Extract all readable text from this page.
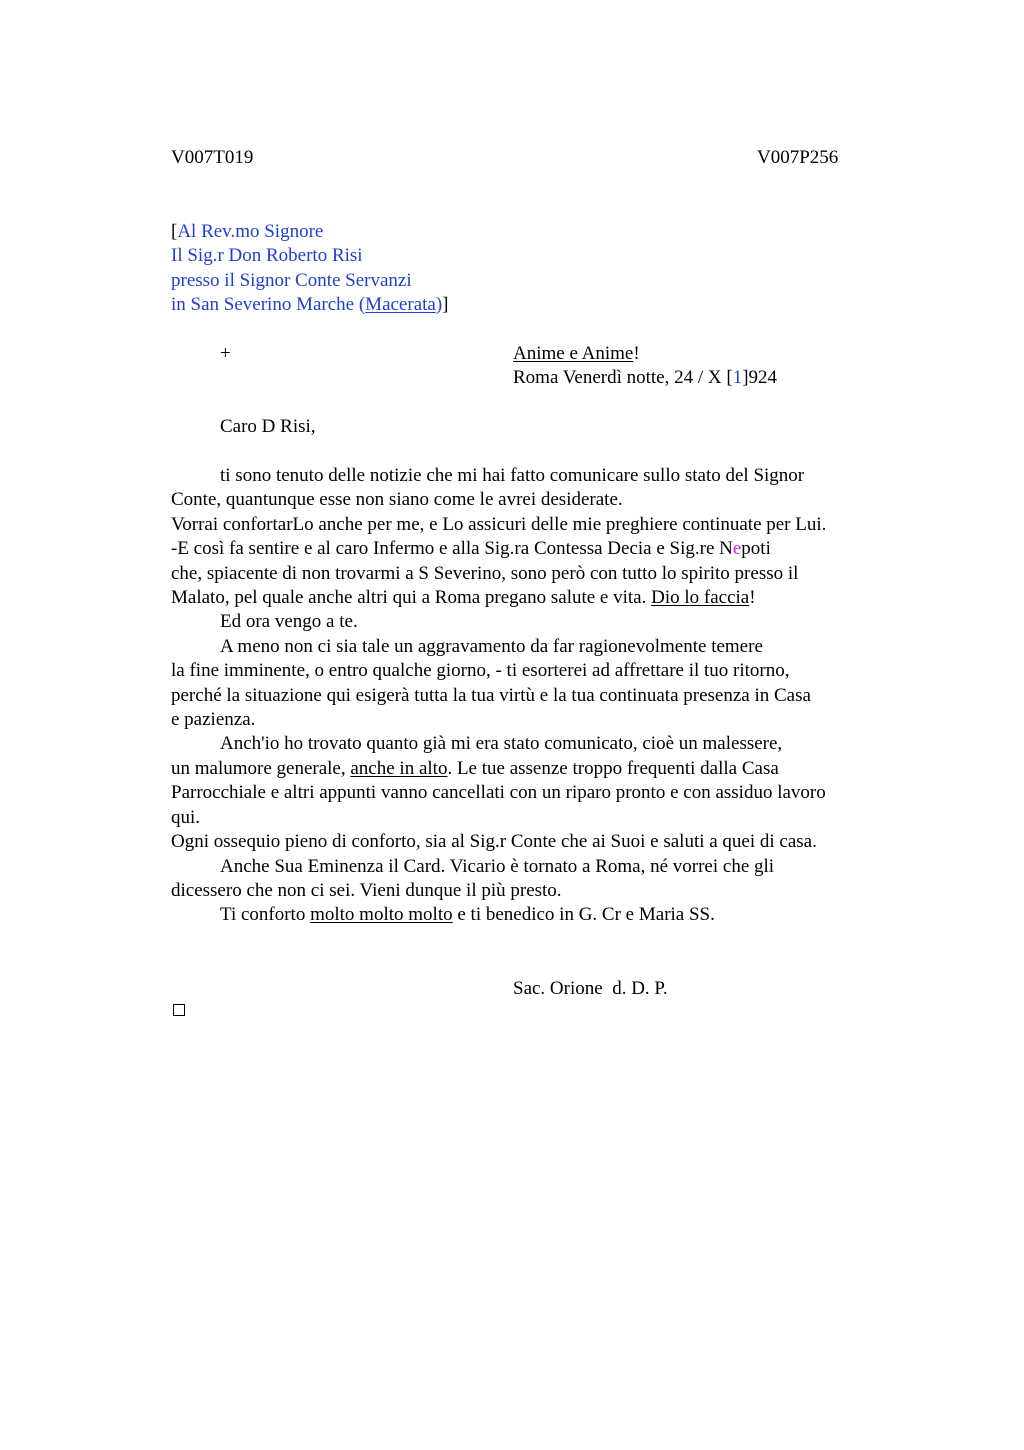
V007T019	V007P256
[Al Rev.mo Signore
Il Sig.r Don Roberto Risi
presso il Signor Conte Servanzi
in San Severino Marche (Macerata)]
+	Anime e Anime!
Roma Venerdì notte, 24 / X [1]924
Caro D Risi,
ti sono tenuto delle notizie che mi hai fatto comunicare sullo stato del Signor
Conte, quantunque esse non siano come le avrei desiderate.
Vorrai confortarLo anche per me, e Lo assicuri delle mie preghiere continuate per Lui.
-E così fa sentire e al caro Infermo e alla Sig.ra Contessa Decia e Sig.re Nepoti
che, spiacente di non trovarmi a S Severino, sono però con tutto lo spirito presso il
Malato, pel quale anche altri qui a Roma pregano salute e vita. Dio lo faccia!
Ed ora vengo a te.
A meno non ci sia tale un aggravamento da far ragionevolmente temere
la fine imminente, o entro qualche giorno, - ti esorterei ad affrettare il tuo ritorno,
perché la situazione qui esigerà tutta la tua virtù e la tua continuata presenza in Casa
e pazienza.
Anch'io ho trovato quanto già mi era stato comunicato, cioè un malessere,
un malumore generale, anche in alto. Le tue assenze troppo frequenti dalla Casa
Parrocchiale e altri appunti vanno cancellati con un riparo pronto e con assiduo lavoro
qui.
Ogni ossequio pieno di conforto, sia al Sig.r Conte che ai Suoi e saluti a quei di casa.
Anche Sua Eminenza il Card. Vicario è tornato a Roma, né vorrei che gli
dicessero che non ci sei. Vieni dunque il più presto.
Ti conforto molto molto molto e ti benedico in G. Cr e Maria SS.
Sac. Orione  d. D. P.
